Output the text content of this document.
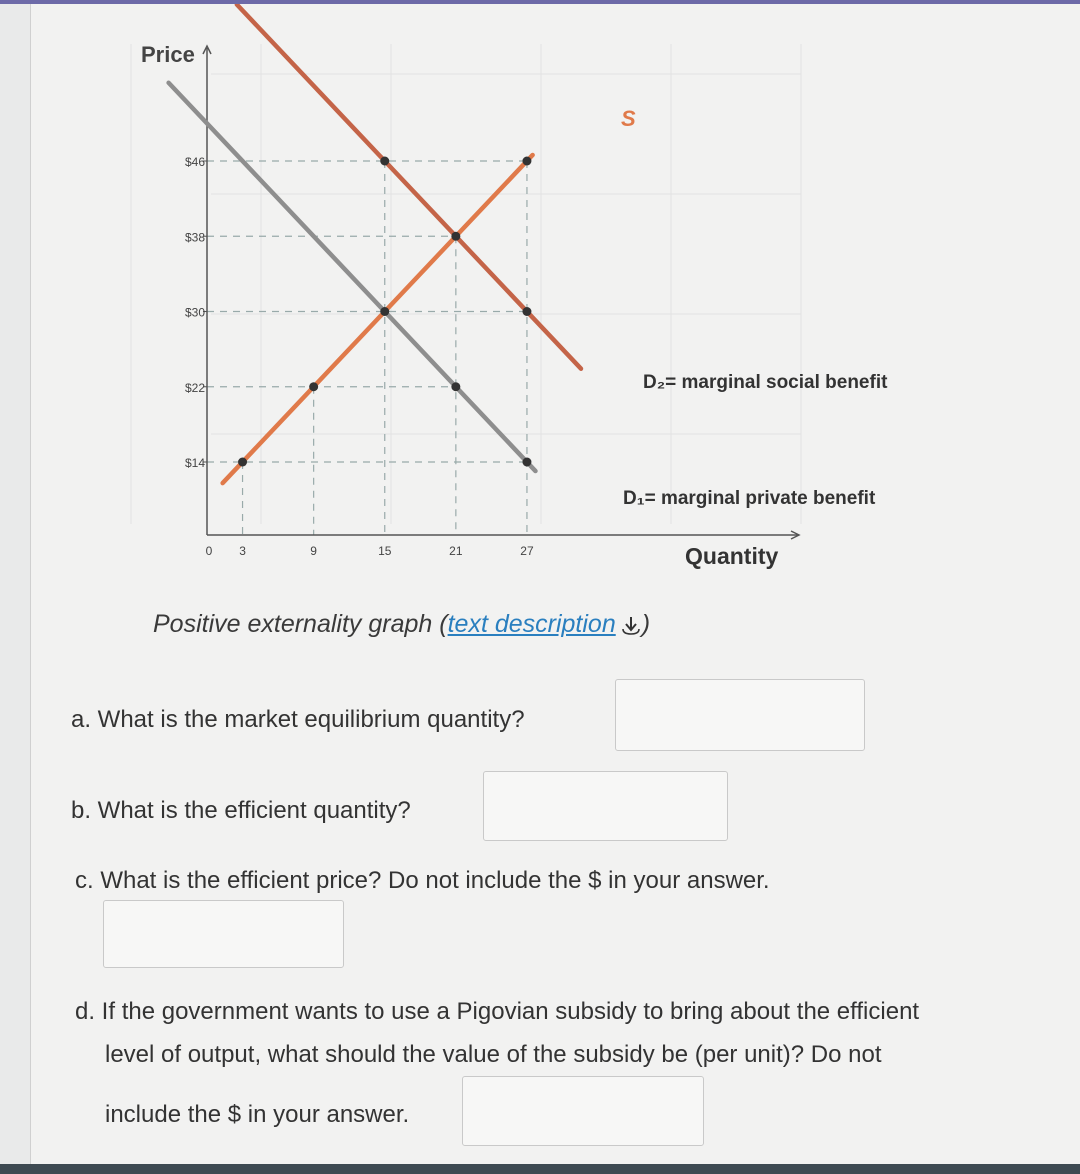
Price
Quantity
$46
$38
$30
$22
$14
0 3	9	15	21	27
S
D₂= marginal social benefit
D₁= marginal private benefit
Positive externality graph (text description )
a. What is the market equilibrium quantity?
b. What is the efficient quantity?
c. What is the efficient price? Do not include the $ in your answer.
d. If the government wants to use a Pigovian subsidy to bring about the efficient
level of output, what should the value of the subsidy be (per unit)? Do not
include the $ in your answer.
